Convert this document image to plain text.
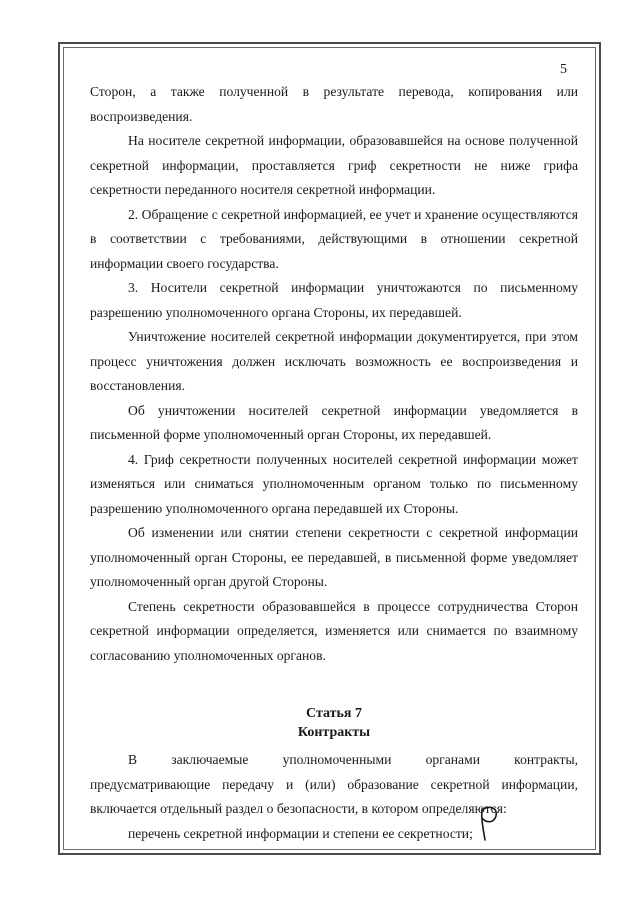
5

Сторон, а также полученной в результате перевода, копирования или воспроизведения.

На носителе секретной информации, образовавшейся на основе полученной секретной информации, проставляется гриф секретности не ниже грифа секретности переданного носителя секретной информации.

2. Обращение с секретной информацией, ее учет и хранение осуществляются в соответствии с требованиями, действующими в отношении секретной информации своего государства.

3. Носители секретной информации уничтожаются по письменному разрешению уполномоченного органа Стороны, их передавшей.

Уничтожение носителей секретной информации документируется, при этом процесс уничтожения должен исключать возможность ее воспроизведения и восстановления.

Об уничтожении носителей секретной информации уведомляется в письменной форме уполномоченный орган Стороны, их передавшей.

4. Гриф секретности полученных носителей секретной информации может изменяться или сниматься уполномоченным органом только по письменному разрешению уполномоченного органа передавшей их Стороны.

Об изменении или снятии степени секретности с секретной информации уполномоченный орган Стороны, ее передавшей, в письменной форме уведомляет уполномоченный орган другой Стороны.

Степень секретности образовавшейся в процессе сотрудничества Сторон секретной информации определяется, изменяется или снимается по взаимному согласованию уполномоченных органов.

Статья 7
Контракты

В заключаемые уполномоченными органами контракты, предусматривающие передачу и (или) образование секретной информации, включается отдельный раздел о безопасности, в котором определяются:

перечень секретной информации и степени ее секретности;
